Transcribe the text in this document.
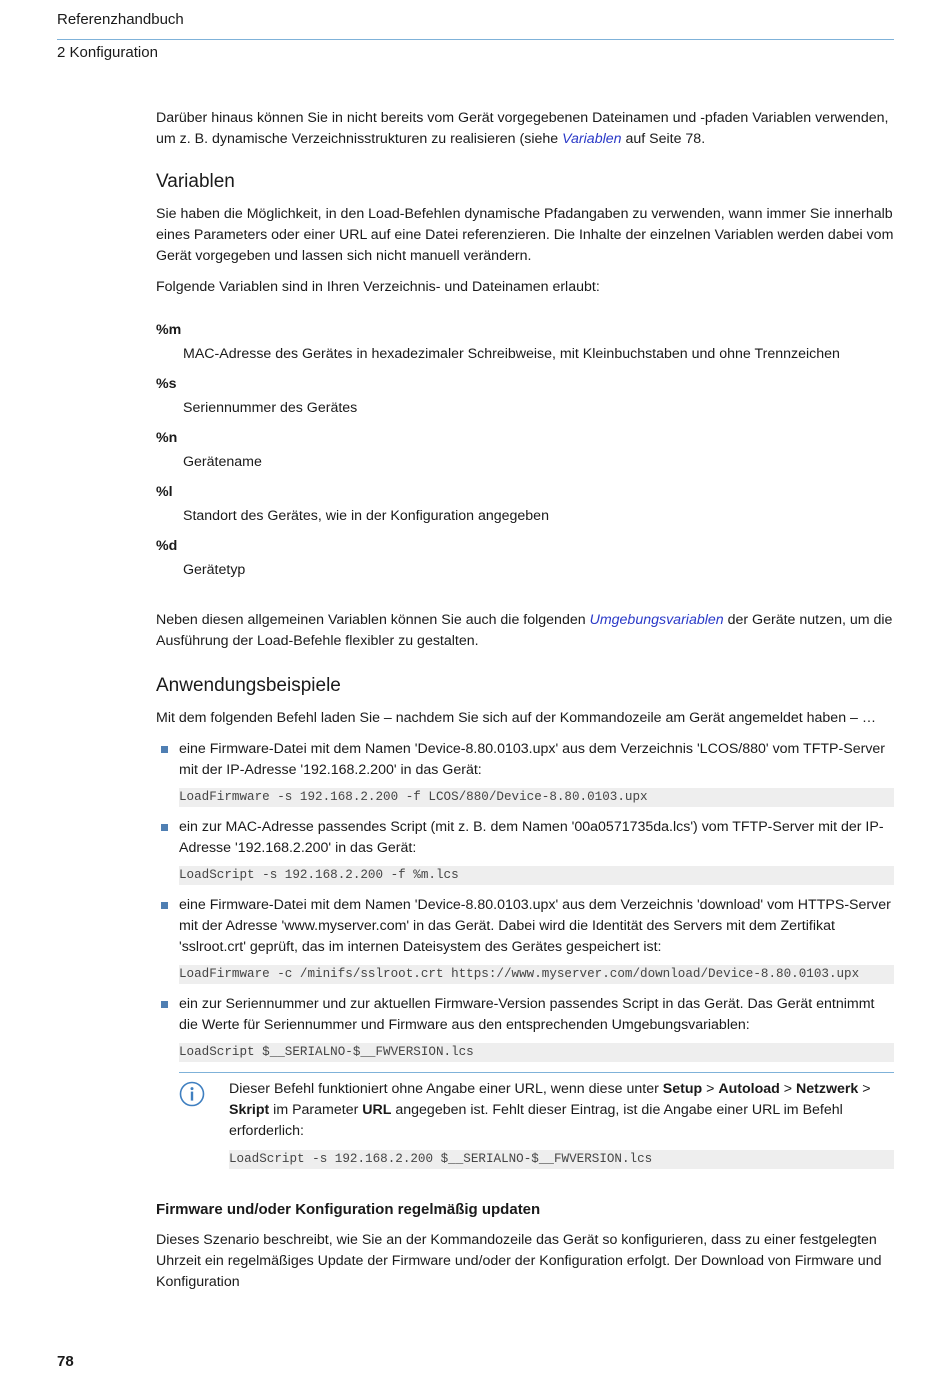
Referenzhandbuch
2 Konfiguration

Darüber hinaus können Sie in nicht bereits vom Gerät vorgegebenen Dateinamen und -pfaden Variablen verwenden, um z. B. dynamische Verzeichnisstrukturen zu realisieren (siehe Variablen auf Seite 78.

Variablen

Sie haben die Möglichkeit, in den Load-Befehlen dynamische Pfadangaben zu verwenden, wann immer Sie innerhalb eines Parameters oder einer URL auf eine Datei referenzieren. Die Inhalte der einzelnen Variablen werden dabei vom Gerät vorgegeben und lassen sich nicht manuell verändern.

Folgende Variablen sind in Ihren Verzeichnis- und Dateinamen erlaubt:

%m
MAC-Adresse des Gerätes in hexadezimaler Schreibweise, mit Kleinbuchstaben und ohne Trennzeichen
%s
Seriennummer des Gerätes
%n
Gerätename
%l
Standort des Gerätes, wie in der Konfiguration angegeben
%d
Gerätetyp

Neben diesen allgemeinen Variablen können Sie auch die folgenden Umgebungsvariablen der Geräte nutzen, um die Ausführung der Load-Befehle flexibler zu gestalten.

Anwendungsbeispiele

Mit dem folgenden Befehl laden Sie – nachdem Sie sich auf der Kommandozeile am Gerät angemeldet haben – …

eine Firmware-Datei mit dem Namen 'Device-8.80.0103.upx' aus dem Verzeichnis 'LCOS/880' vom TFTP-Server mit der IP-Adresse '192.168.2.200' in das Gerät:
LoadFirmware -s 192.168.2.200 -f LCOS/880/Device-8.80.0103.upx
ein zur MAC-Adresse passendes Script (mit z. B. dem Namen '00a0571735da.lcs') vom TFTP-Server mit der IP-Adresse '192.168.2.200' in das Gerät:
LoadScript -s 192.168.2.200 -f %m.lcs
eine Firmware-Datei mit dem Namen 'Device-8.80.0103.upx' aus dem Verzeichnis 'download' vom HTTPS-Server mit der Adresse 'www.myserver.com' in das Gerät. Dabei wird die Identität des Servers mit dem Zertifikat 'sslroot.crt' geprüft, das im internen Dateisystem des Gerätes gespeichert ist:
LoadFirmware -c /minifs/sslroot.crt https://www.myserver.com/download/Device-8.80.0103.upx
ein zur Seriennummer und zur aktuellen Firmware-Version passendes Script in das Gerät. Das Gerät entnimmt die Werte für Seriennummer und Firmware aus den entsprechenden Umgebungsvariablen:
LoadScript $__SERIALNO-$__FWVERSION.lcs
Dieser Befehl funktioniert ohne Angabe einer URL, wenn diese unter Setup > Autoload > Netzwerk > Skript im Parameter URL angegeben ist. Fehlt dieser Eintrag, ist die Angabe einer URL im Befehl erforderlich:
LoadScript -s 192.168.2.200 $__SERIALNO-$__FWVERSION.lcs
Firmware und/oder Konfiguration regelmäßig updaten

Dieses Szenario beschreibt, wie Sie an der Kommandozeile das Gerät so konfigurieren, dass zu einer festgelegten Uhrzeit ein regelmäßiges Update der Firmware und/oder der Konfiguration erfolgt. Der Download von Firmware und Konfiguration

78
